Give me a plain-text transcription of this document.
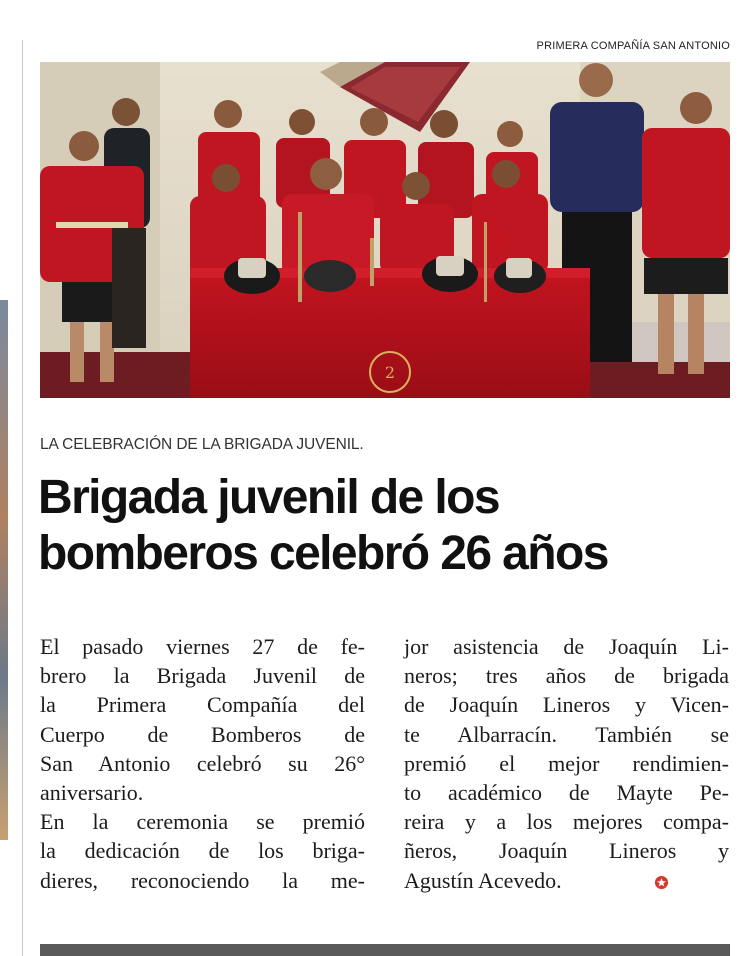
PRIMERA COMPAÑÍA SAN ANTONIO
2
LA CELEBRACIÓN DE LA BRIGADA JUVENIL.
Brigada juvenil de los
bomberos celebró 26 años
El pasado viernes 27 de fe-
brero la Brigada Juvenil de
la Primera Compañía del
Cuerpo de Bomberos de
San Antonio celebró su 26°
aniversario.
En la ceremonia se premió
la dedicación de los briga-
dieres, reconociendo la me-
jor asistencia de Joaquín Li-
neros; tres años de brigada
de Joaquín Lineros y Vicen-
te Albarracín. También se
premió el mejor rendimien-
to académico de Mayte Pe-
reira y a los mejores compa-
ñeros, Joaquín Lineros y
Agustín Acevedo.
